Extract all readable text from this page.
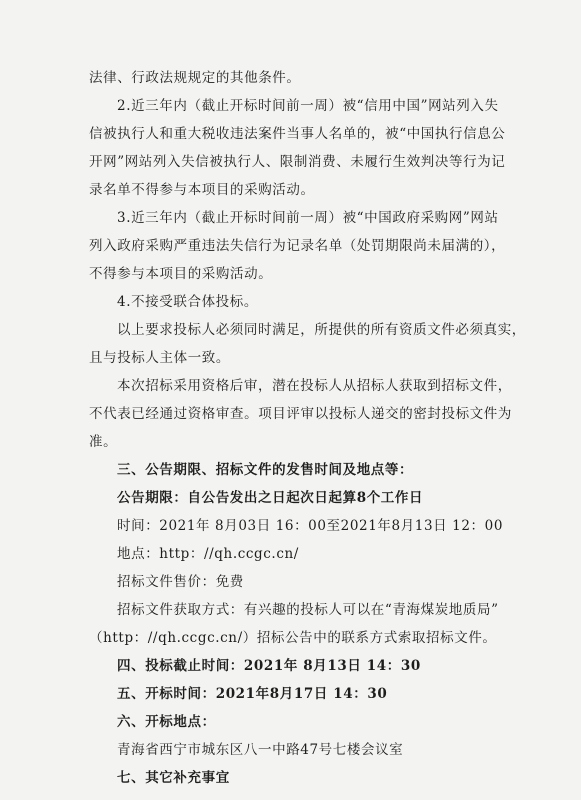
法律、行政法规规定的其他条件。
2.近三年内（截止开标时间前一周）被“信用中国”网站列入失
信被执行人和重大税收违法案件当事人名单的，被“中国执行信息公
开网”网站列入失信被执行人、限制消费、未履行生效判决等行为记
录名单不得参与本项目的采购活动。
3.近三年内（截止开标时间前一周）被“中国政府采购网”网站
列入政府采购严重违法失信行为记录名单（处罚期限尚未届满的），
不得参与本项目的采购活动。
4.不接受联合体投标。
以上要求投标人必须同时满足，所提供的所有资质文件必须真实，
且与投标人主体一致。
本次招标采用资格后审，潜在投标人从招标人获取到招标文件，
不代表已经通过资格审查。项目评审以投标人递交的密封投标文件为
准。
三、公告期限、招标文件的发售时间及地点等：
公告期限：自公告发出之日起次日起算8个工作日
时间：2021年 8月03日 16：00至2021年8月13日 12：00
地点：http：//qh.ccgc.cn/
招标文件售价：免费
招标文件获取方式：有兴趣的投标人可以在“青海煤炭地质局”
（http：//qh.ccgc.cn/）招标公告中的联系方式索取招标文件。
四、投标截止时间：2021年 8月13日 14：30
五、开标时间：2021年8月17日 14：30
六、开标地点：
青海省西宁市城东区八一中路47号七楼会议室
七、其它补充事宜
